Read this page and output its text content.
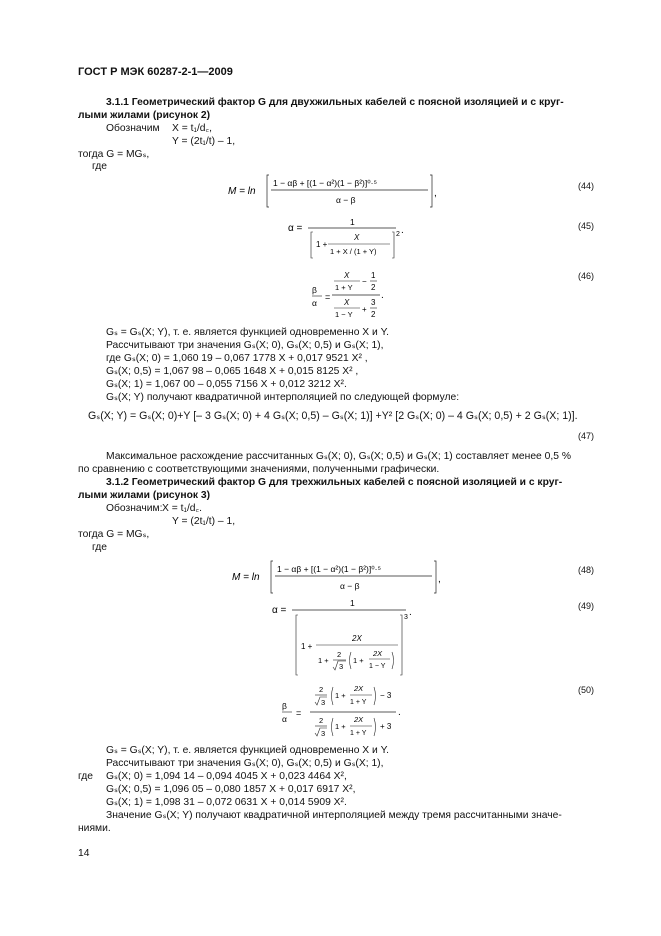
ГОСТ Р МЭК 60287-2-1—2009
3.1.1 Геометрический фактор G для двухжильных кабелей с поясной изоляцией и с круг-
лыми жилами (рисунок 2)
Обозначим X = t₁/d꜀,
Y = (2t₁/t) – 1,
тогда G = MGₛ,
где
M = ln
1 − αβ + [(1 − α²)(1 − β²)]⁰·⁵
α − β
,
(44)
α =
1
1 +
X
1 + X / (1 + Y)
2 .	(45)
β
α
=
X
1 + Y
−
1
2
X
1 − Y
+
3
2
.
(46)
Gₛ = Gₛ(X; Y), т. е. является функцией одновременно X и Y.
Рассчитывают три значения Gₛ(X; 0), Gₛ(X; 0,5) и Gₛ(X; 1),
где Gₛ(X; 0) = 1,060 19 – 0,067 1778 X + 0,017 9521 X² ,
Gₛ(X; 0,5) = 1,067 98 – 0,065 1648 X + 0,015 8125 X² ,
Gₛ(X; 1) = 1,067 00 – 0,055 7156 X + 0,012 3212 X².
Gₛ(X; Y) получают квадратичной интерполяцией по следующей формуле:
Gₛ(X; Y) = Gₛ(X; 0)+Y [– 3 Gₛ(X; 0) + 4 Gₛ(X; 0,5) – Gₛ(X; 1)] +Y² [2 Gₛ(X; 0) – 4 Gₛ(X; 0,5) + 2 Gₛ(X; 1)].
(47)
Максимальное расхождение рассчитанных Gₛ(X; 0), Gₛ(X; 0,5) и Gₛ(X; 1) составляет менее 0,5 %
по сравнению с соответствующими значениями, полученными графически.
3.1.2 Геометрический фактор G для трехжильных кабелей с поясной изоляцией и с круг-
лыми жилами (рисунок 3)
Обозначим: X = t₁/d꜀.
Y = (2t₁/t) – 1,
тогда G = MGₛ,
где
M = ln
1 − αβ + [(1 − α²)(1 − β²)]⁰·⁵
α − β
,
(48)
α =
1
1 +
2X
1 +
2
3
1 +
2X
1 − Y
3 .
(49)
β
α
=
2
3
1 +
2X
1 + Y
− 3
2
3
1 +
2X
1 + Y
+ 3
.
(50)
Gₛ = Gₛ(X; Y), т. е. является функцией одновременно X и Y.
Рассчитывают три значения Gₛ(X; 0), Gₛ(X; 0,5) и Gₛ(X; 1),
где Gₛ(X; 0) = 1,094 14 – 0,094 4045 X + 0,023 4464 X²,
Gₛ(X; 0,5) = 1,096 05 – 0,080 1857 X + 0,017 6917 X²,
Gₛ(X; 1) = 1,098 31 – 0,072 0631 X + 0,014 5909 X².
Значение Gₛ(X; Y) получают квадратичной интерполяцией между тремя рассчитанными значе-
ниями.
14
